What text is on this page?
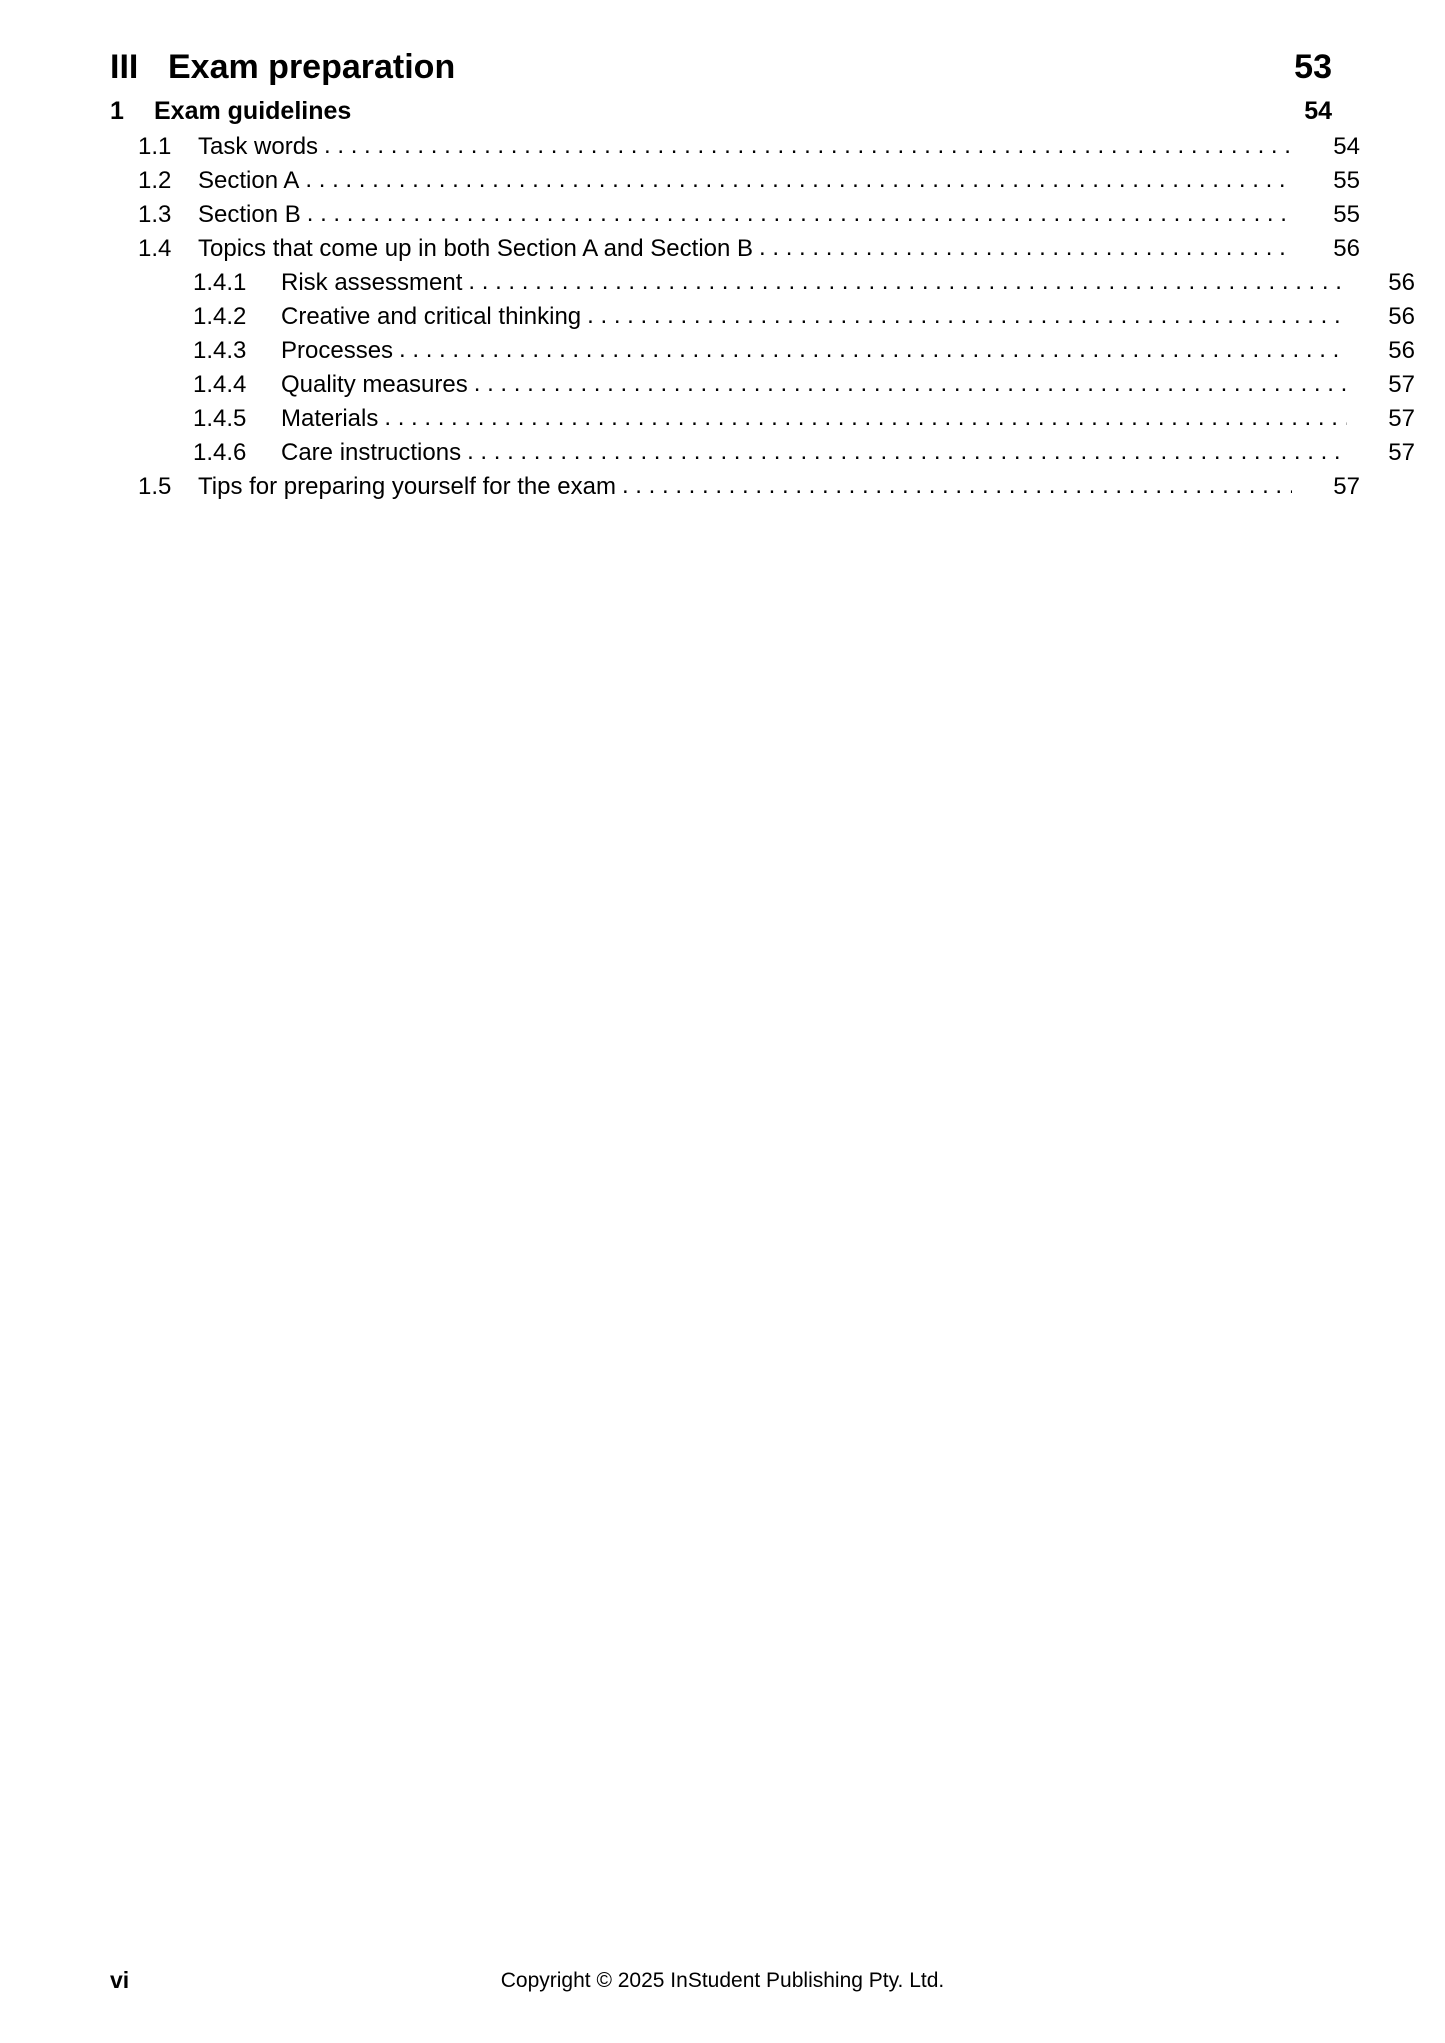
III Exam preparation	53
1	Exam guidelines	54
1.1	Task words . . .	54
1.2	Section A . . .	55
1.3	Section B . . .	55
1.4	Topics that come up in both Section A and Section B . . .	56
1.4.1	Risk assessment . . .	56
1.4.2	Creative and critical thinking . . .	56
1.4.3	Processes . . .	56
1.4.4	Quality measures . . .	57
1.4.5	Materials . . .	57
1.4.6	Care instructions . . .	57
1.5	Tips for preparing yourself for the exam . . .	57
vi	Copyright © 2025 InStudent Publishing Pty. Ltd.
